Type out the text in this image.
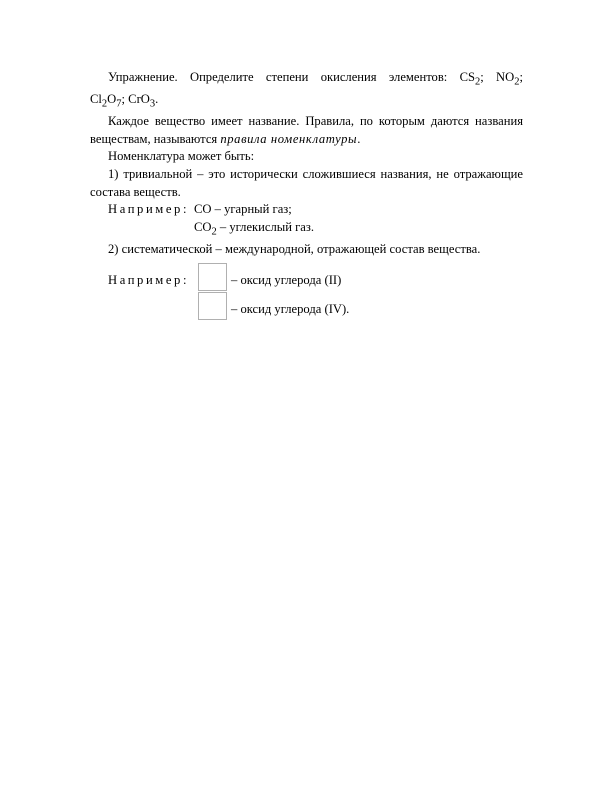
Упражнение. Определите степени окисления элементов: $CS_2$; $NO_2$;

$Cl_2O_7$; CrO$_3$.

Каждое вещество имеет название. Правила, по которым даются названия веществам, называются правила номенклатуры.

Номенклатура может быть:

1) тривиальной – это исторически сложившиеся названия, не отражающие состава веществ.

Например: CO – угарный газ;
$CO_2$ – углекислый газ.

2) систематической – международной, отражающей состав вещества.

Например:	– оксид углерода (II)
– оксид углерода (IV).
